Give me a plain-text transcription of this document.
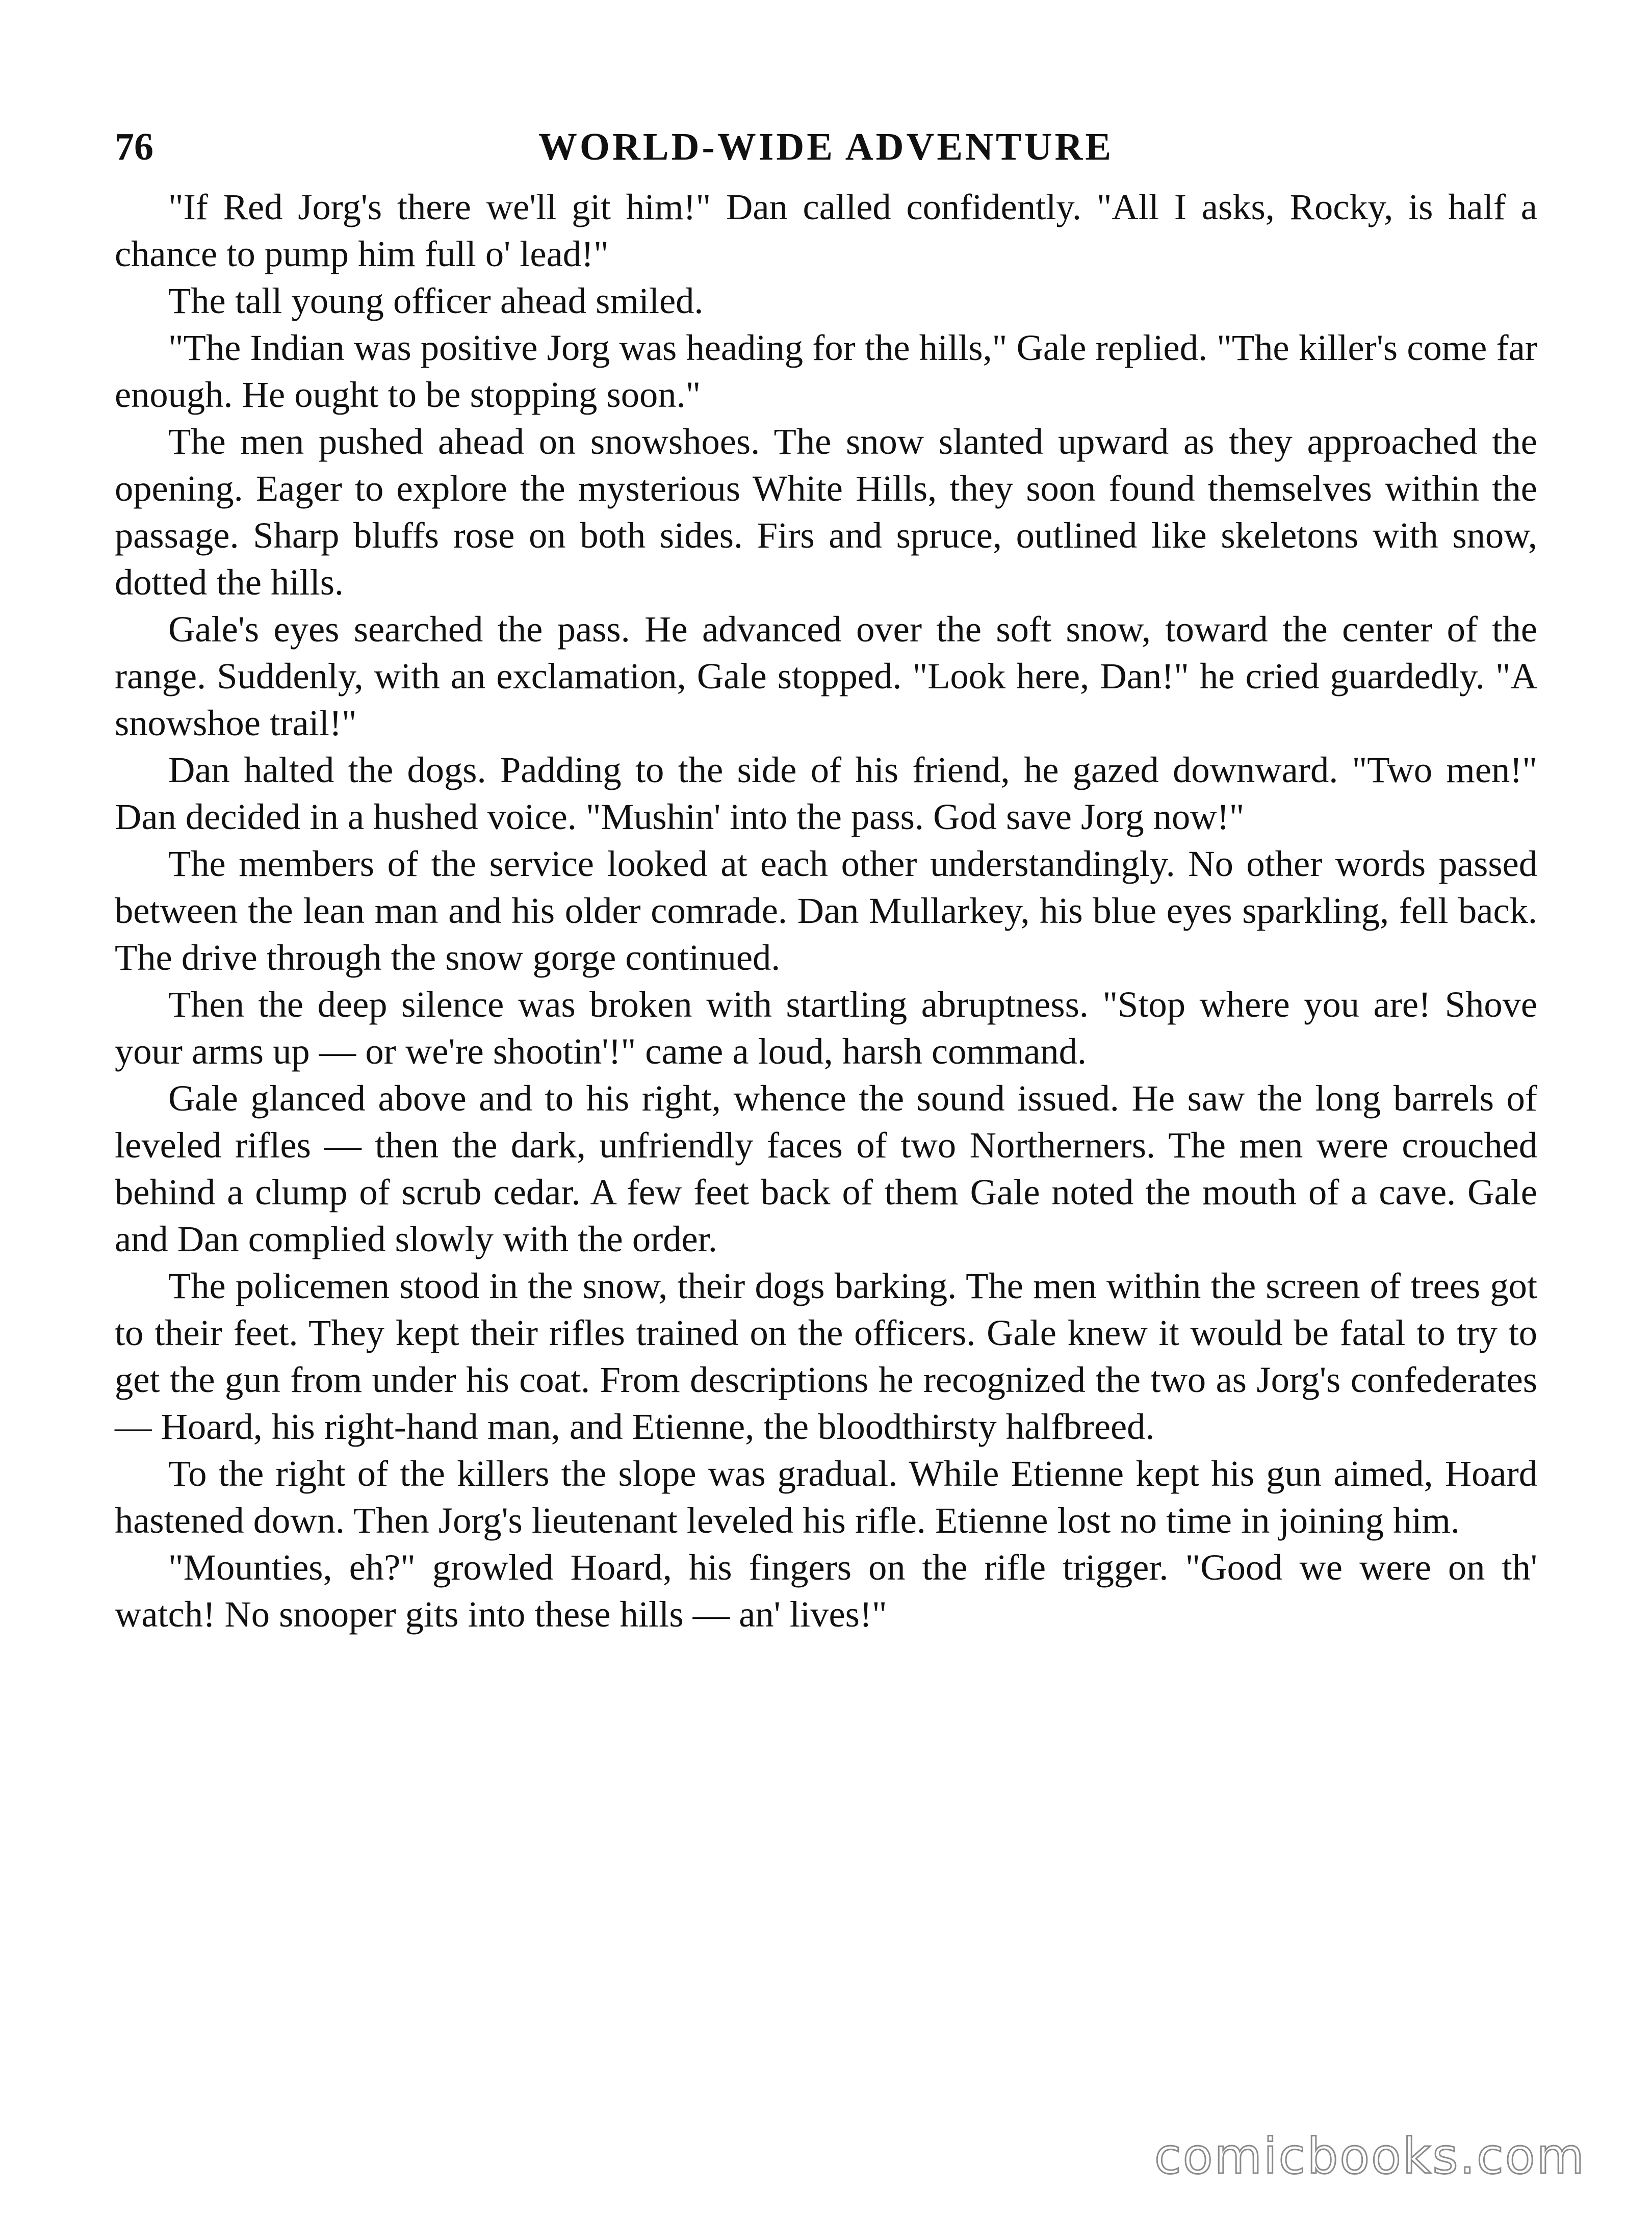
76	WORLD-WIDE ADVENTURE

"If Red Jorg's there we'll git him!" Dan called confidently. "All I asks, Rocky, is half a chance to pump him full o' lead!"

The tall young officer ahead smiled.

"The Indian was positive Jorg was heading for the hills," Gale replied. "The killer's come far enough. He ought to be stopping soon."

The men pushed ahead on snowshoes. The snow slanted upward as they approached the opening. Eager to explore the mysterious White Hills, they soon found themselves within the passage. Sharp bluffs rose on both sides. Firs and spruce, outlined like skeletons with snow, dotted the hills.

Gale's eyes searched the pass. He advanced over the soft snow, toward the center of the range. Suddenly, with an exclamation, Gale stopped. "Look here, Dan!" he cried guardedly. "A snowshoe trail!"

Dan halted the dogs. Padding to the side of his friend, he gazed downward. "Two men!" Dan decided in a hushed voice. "Mushin' into the pass. God save Jorg now!"

The members of the service looked at each other understandingly. No other words passed between the lean man and his older comrade. Dan Mullarkey, his blue eyes sparkling, fell back. The drive through the snow gorge continued.

Then the deep silence was broken with startling abruptness. "Stop where you are! Shove your arms up — or we're shootin'!" came a loud, harsh command.

Gale glanced above and to his right, whence the sound issued. He saw the long barrels of leveled rifles — then the dark, unfriendly faces of two Northerners. The men were crouched behind a clump of scrub cedar. A few feet back of them Gale noted the mouth of a cave. Gale and Dan complied slowly with the order.

The policemen stood in the snow, their dogs barking. The men within the screen of trees got to their feet. They kept their rifles trained on the officers. Gale knew it would be fatal to try to get the gun from under his coat. From descriptions he recognized the two as Jorg's confederates — Hoard, his right-hand man, and Etienne, the bloodthirsty halfbreed.

To the right of the killers the slope was gradual. While Etienne kept his gun aimed, Hoard hastened down. Then Jorg's lieutenant leveled his rifle. Etienne lost no time in joining him.

"Mounties, eh?" growled Hoard, his fingers on the rifle trigger. "Good we were on th' watch! No snooper gits into these hills — an' lives!"

comicbooks.com
